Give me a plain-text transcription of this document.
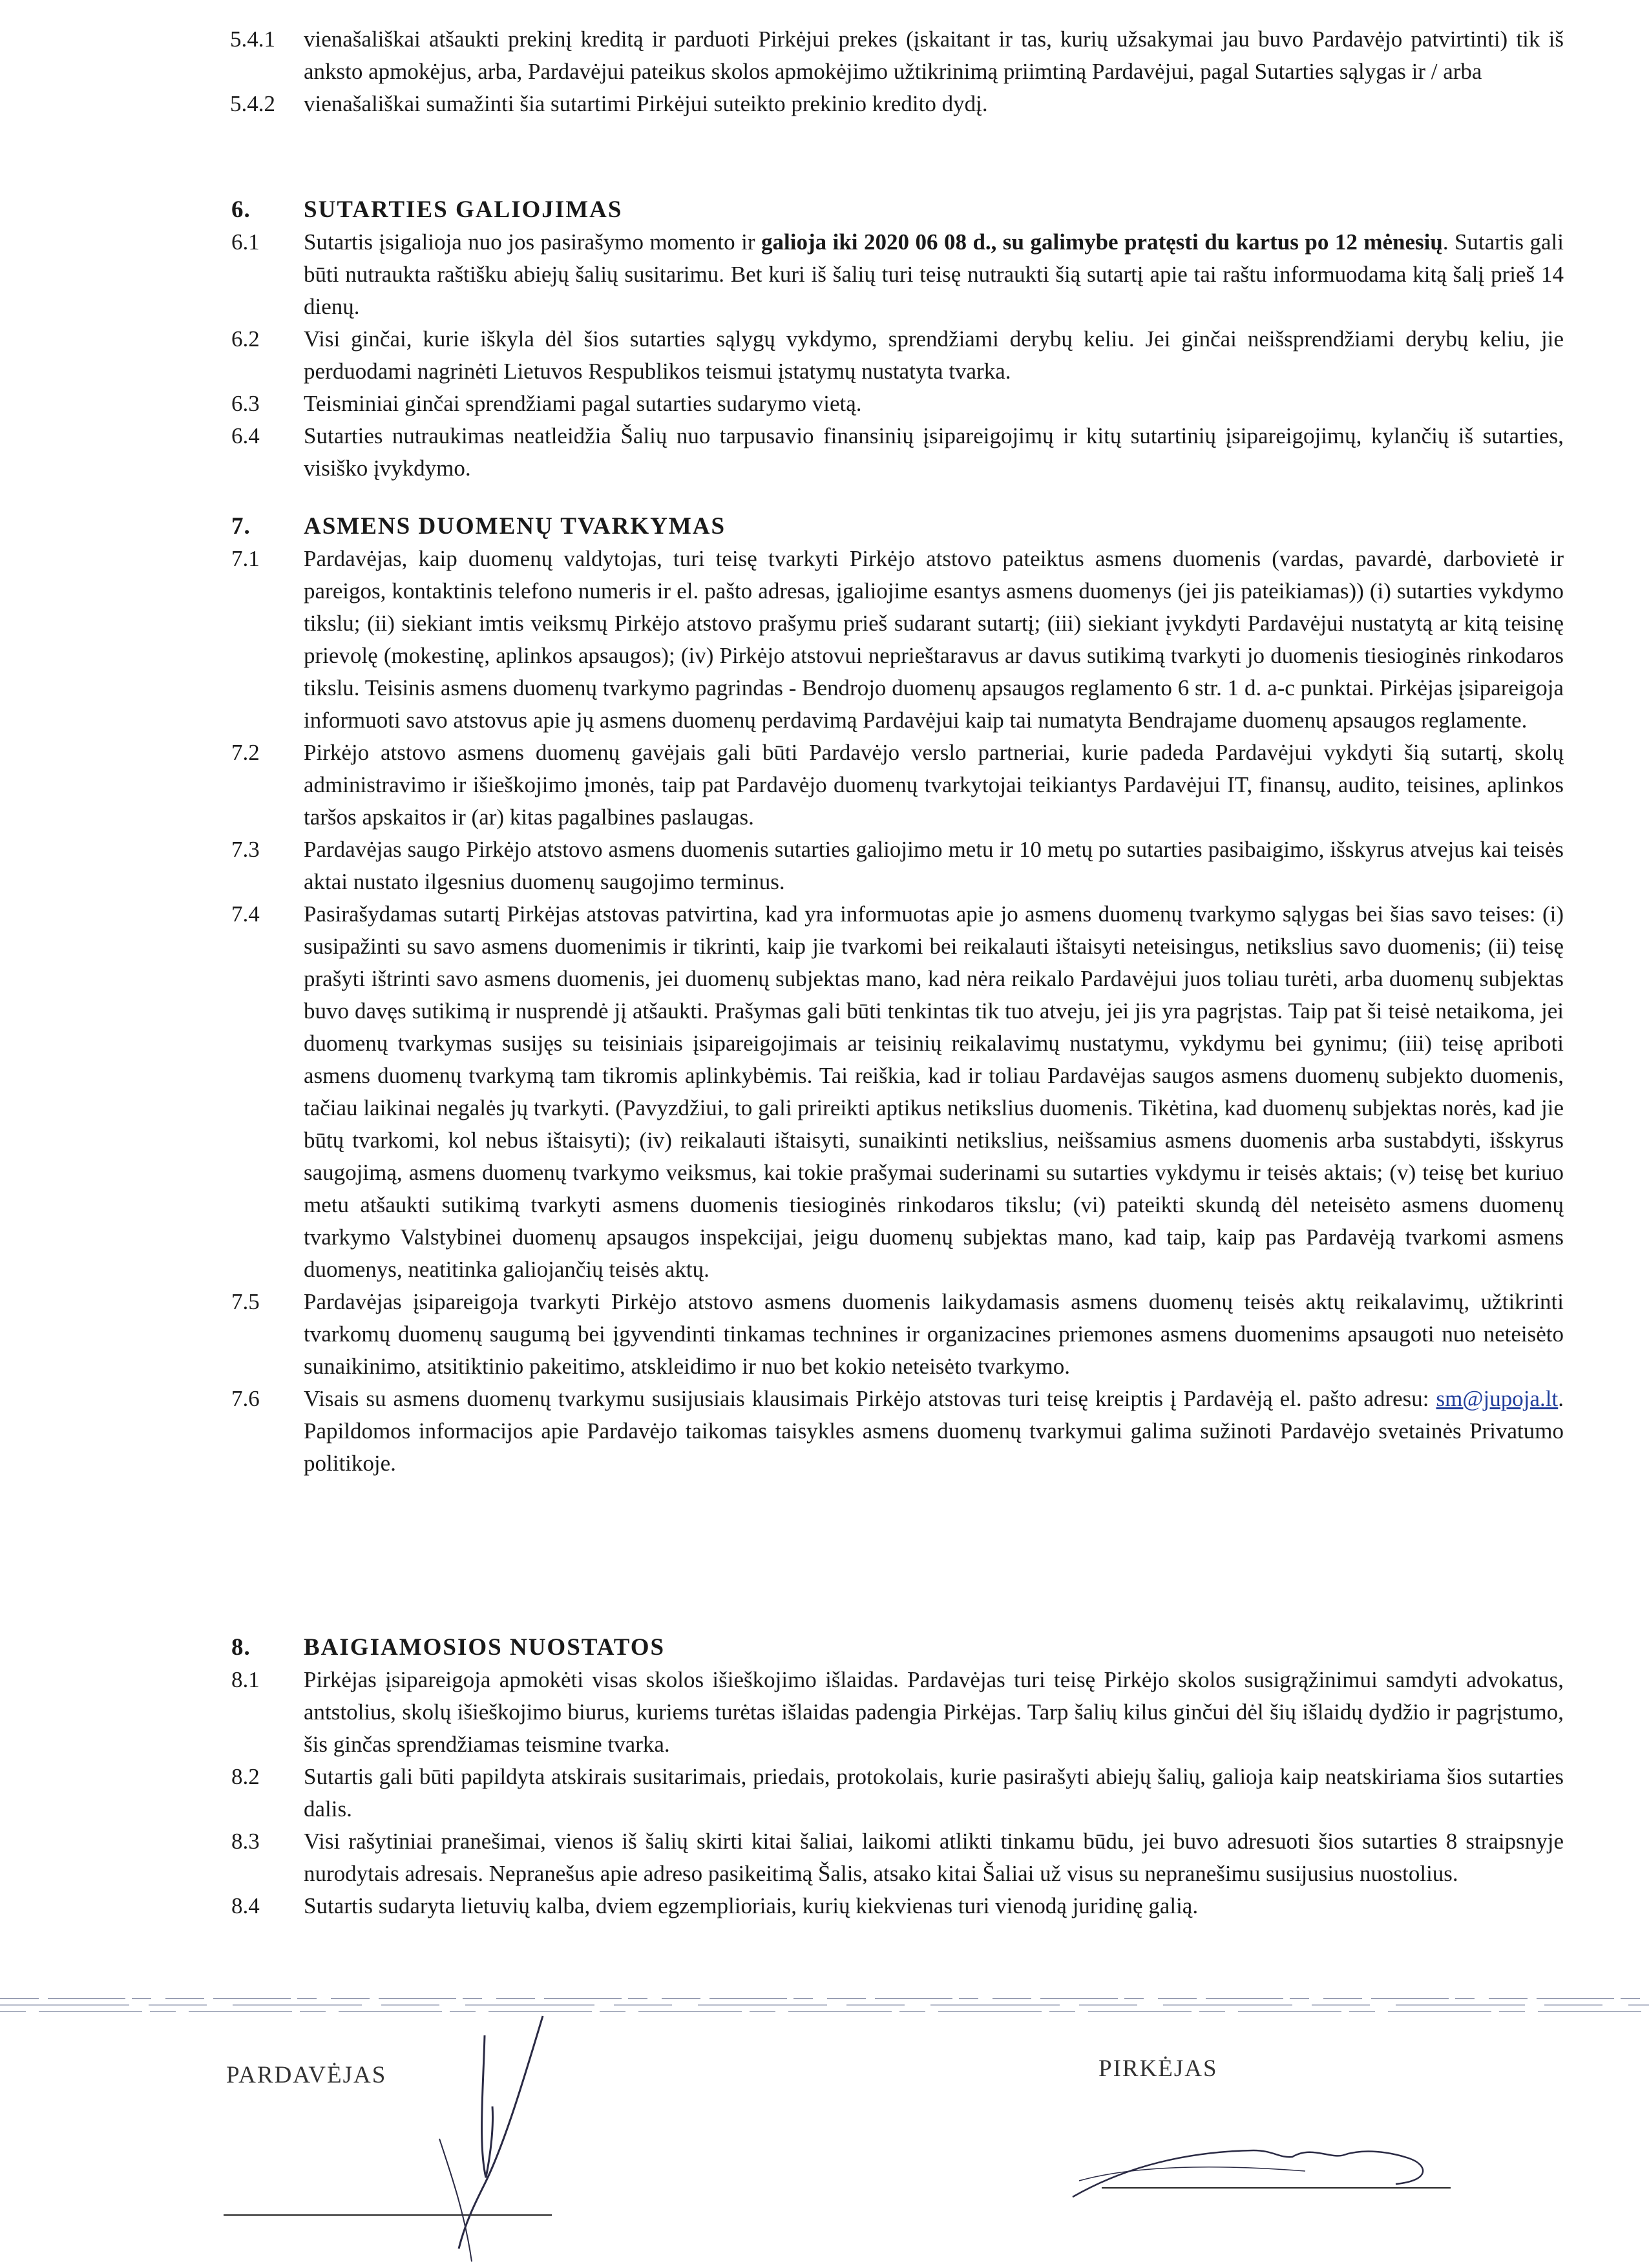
5.4.1 vienašališkai atšaukti prekinį kreditą ir parduoti Pirkėjui prekes (įskaitant ir tas, kurių užsakymai jau buvo Pardavėjo patvirtinti) tik iš anksto apmokėjus, arba, Pardavėjui pateikus skolos apmokėjimo užtikrinimą priimtiną Pardavėjui, pagal Sutarties sąlygas ir / arba
5.4.2 vienašališkai sumažinti šia sutartimi Pirkėjui suteikto prekinio kredito dydį.
6. SUTARTIES GALIOJIMAS
6.1 Sutartis įsigalioja nuo jos pasirašymo momento ir galioja iki 2020 06 08 d., su galimybe pratęsti du kartus po 12 mėnesių. Sutartis gali būti nutraukta raštišku abiejų šalių susitarimu. Bet kuri iš šalių turi teisę nutraukti šią sutartį apie tai raštu informuodama kitą šalį prieš 14 dienų.
6.2 Visi ginčai, kurie iškyla dėl šios sutarties sąlygų vykdymo, sprendžiami derybų keliu. Jei ginčai neišsprendžiami derybų keliu, jie perduodami nagrinėti Lietuvos Respublikos teismui įstatymų nustatyta tvarka.
6.3 Teisminiai ginčai sprendžiami pagal sutarties sudarymo vietą.
6.4 Sutarties nutraukimas neatleidžia Šalių nuo tarpusavio finansinių įsipareigojimų ir kitų sutartinių įsipareigojimų, kylančių iš sutarties, visiško įvykdymo.
7. ASMENS DUOMENŲ TVARKYMAS
7.1 Pardavėjas, kaip duomenų valdytojas, turi teisę tvarkyti Pirkėjo atstovo pateiktus asmens duomenis (vardas, pavardė, darbovietė ir pareigos, kontaktinis telefono numeris ir el. pašto adresas, įgaliojime esantys asmens duomenys (jei jis pateikiamas)) (i) sutarties vykdymo tikslu; (ii) siekiant imtis veiksmų Pirkėjo atstovo prašymu prieš sudarant sutartį; (iii) siekiant įvykdyti Pardavėjui nustatytą ar kitą teisinę prievolę (mokestinę, aplinkos apsaugos); (iv) Pirkėjo atstovui neprieštaravus ar davus sutikimą tvarkyti jo duomenis tiesioginės rinkodaros tikslu. Teisinis asmens duomenų tvarkymo pagrindas - Bendrojo duomenų apsaugos reglamento 6 str. 1 d. a-c punktai. Pirkėjas įsipareigoja informuoti savo atstovus apie jų asmens duomenų perdavimą Pardavėjui kaip tai numatyta Bendrajame duomenų apsaugos reglamente.
7.2 Pirkėjo atstovo asmens duomenų gavėjais gali būti Pardavėjo verslo partneriai, kurie padeda Pardavėjui vykdyti šią sutartį, skolų administravimo ir išieškojimo įmonės, taip pat Pardavėjo duomenų tvarkytojai teikiantys Pardavėjui IT, finansų, audito, teisines, aplinkos taršos apskaitos ir (ar) kitas pagalbines paslaugas.
7.3 Pardavėjas saugo Pirkėjo atstovo asmens duomenis sutarties galiojimo metu ir 10 metų po sutarties pasibaigimo, išskyrus atvejus kai teisės aktai nustato ilgesnius duomenų saugojimo terminus.
7.4 Pasirašydamas sutartį Pirkėjas atstovas patvirtina, kad yra informuotas apie jo asmens duomenų tvarkymo sąlygas bei šias savo teises: (i) susipažinti su savo asmens duomenimis ir tikrinti, kaip jie tvarkomi bei reikalauti ištaisyti neteisingus, netikslius savo duomenis; (ii) teisę prašyti ištrinti savo asmens duomenis, jei duomenų subjektas mano, kad nėra reikalo Pardavėjui juos toliau turėti, arba duomenų subjektas buvo davęs sutikimą ir nusprendė jį atšaukti. Prašymas gali būti tenkintas tik tuo atveju, jei jis yra pagrįstas. Taip pat ši teisė netaikoma, jei duomenų tvarkymas susijęs su teisiniais įsipareigojimais ar teisinių reikalavimų nustatymu, vykdymu bei gynimu; (iii) teisę apriboti asmens duomenų tvarkymą tam tikromis aplinkybėmis. Tai reiškia, kad ir toliau Pardavėjas saugos asmens duomenų subjekto duomenis, tačiau laikinai negalės jų tvarkyti. (Pavyzdžiui, to gali prireikti aptikus netikslius duomenis. Tikėtina, kad duomenų subjektas norės, kad jie būtų tvarkomi, kol nebus ištaisyti); (iv) reikalauti ištaisyti, sunaikinti netikslius, neišsamius asmens duomenis arba sustabdyti, išskyrus saugojimą, asmens duomenų tvarkymo veiksmus, kai tokie prašymai suderinami su sutarties vykdymu ir teisės aktais; (v) teisę bet kuriuo metu atšaukti sutikimą tvarkyti asmens duomenis tiesioginės rinkodaros tikslu; (vi) pateikti skundą dėl neteisėto asmens duomenų tvarkymo Valstybinei duomenų apsaugos inspekcijai, jeigu duomenų subjektas mano, kad taip, kaip pas Pardavėją tvarkomi asmens duomenys, neatitinka galiojančių teisės aktų.
7.5 Pardavėjas įsipareigoja tvarkyti Pirkėjo atstovo asmens duomenis laikydamasis asmens duomenų teisės aktų reikalavimų, užtikrinti tvarkomų duomenų saugumą bei įgyvendinti tinkamas technines ir organizacines priemones asmens duomenims apsaugoti nuo neteisėto sunaikinimo, atsitiktinio pakeitimo, atskleidimo ir nuo bet kokio neteisėto tvarkymo.
7.6 Visais su asmens duomenų tvarkymu susijusiais klausimais Pirkėjo atstovas turi teisę kreiptis į Pardavėją el. pašto adresu: sm@jupoja.lt. Papildomos informacijos apie Pardavėjo taikomas taisykles asmens duomenų tvarkymui galima sužinoti Pardavėjo svetainės Privatumo politikoje.
8. BAIGIAMOSIOS NUOSTATOS
8.1 Pirkėjas įsipareigoja apmokėti visas skolos išieškojimo išlaidas. Pardavėjas turi teisę Pirkėjo skolos susigrąžinimui samdyti advokatus, antstolius, skolų išieškojimo biurus, kuriems turėtas išlaidas padengia Pirkėjas. Tarp šalių kilus ginčui dėl šių išlaidų dydžio ir pagrįstumo, šis ginčas sprendžiamas teismine tvarka.
8.2 Sutartis gali būti papildyta atskirais susitarimais, priedais, protokolais, kurie pasirašyti abiejų šalių, galioja kaip neatskiriama šios sutarties dalis.
8.3 Visi rašytiniai pranešimai, vienos iš šalių skirti kitai šaliai, laikomi atlikti tinkamu būdu, jei buvo adresuoti šios sutarties 8 straipsnyje nurodytais adresais. Nepranešus apie adreso pasikeitimą Šalis, atsako kitai Šaliai už visus su nepranešimu susijusius nuostolius.
8.4 Sutartis sudaryta lietuvių kalba, dviem egzemplioriais, kurių kiekvienas turi vienodą juridinę galią.
PARDAVĖJAS	PIRKĖJAS
